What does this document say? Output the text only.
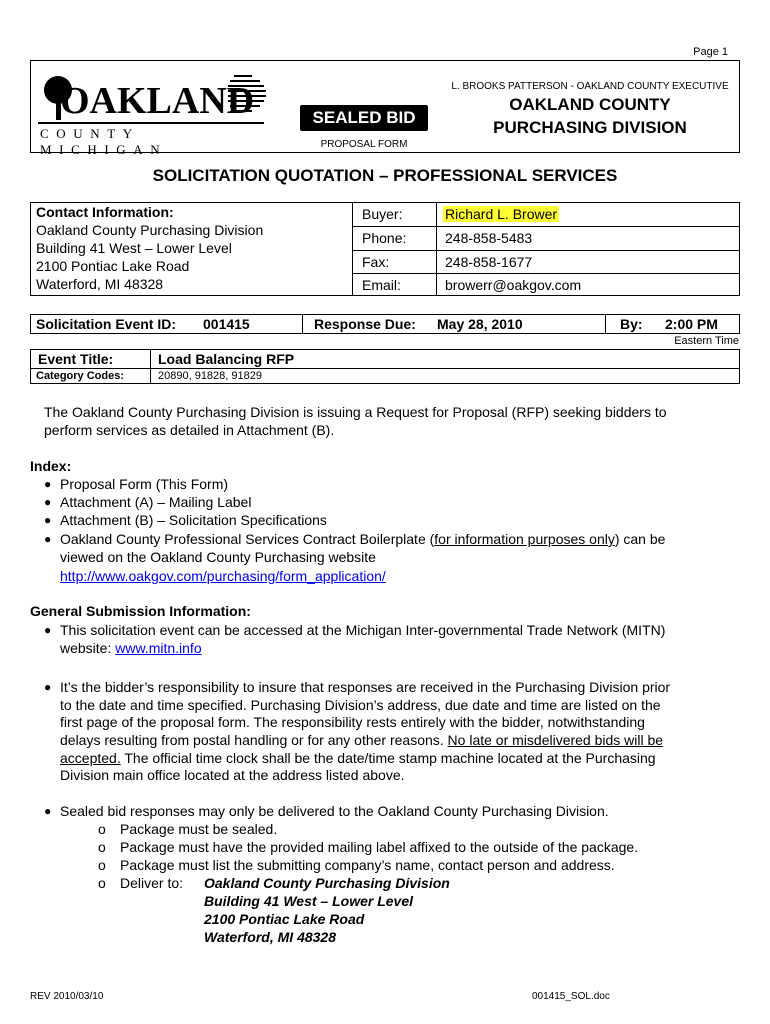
Page 1
OAKLAND
COUNTY MICHIGAN
SEALED BID
PROPOSAL FORM
L. BROOKS PATTERSON - OAKLAND COUNTY EXECUTIVE
OAKLAND COUNTY
PURCHASING DIVISION
SOLICITATION QUOTATION – PROFESSIONAL SERVICES
Contact Information:
Oakland County Purchasing Division
Building 41 West – Lower Level
2100 Pontiac Lake Road
Waterford, MI 48328
Buyer:	Richard L. Brower
Phone:	248-858-5483
Fax:	248-858-1677
Email:	browerr@oakgov.com
Solicitation Event ID: 001415	Response Due: May 28, 2010	By: 2:00 PM
Eastern Time
Event Title:	Load Balancing RFP
Category Codes:	20890, 91828, 91829
The Oakland County Purchasing Division is issuing a Request for Proposal (RFP) seeking bidders to
perform services as detailed in Attachment (B).
Index:
● Proposal Form (This Form)
● Attachment (A) – Mailing Label
● Attachment (B) – Solicitation Specifications
● Oakland County Professional Services Contract Boilerplate (for information purposes only) can be
viewed on the Oakland County Purchasing website
http://www.oakgov.com/purchasing/form_application/
General Submission Information:
● This solicitation event can be accessed at the Michigan Inter-governmental Trade Network (MITN)
website: www.mitn.info
● It’s the bidder’s responsibility to insure that responses are received in the Purchasing Division prior
to the date and time specified. Purchasing Division’s address, due date and time are listed on the
first page of the proposal form. The responsibility rests entirely with the bidder, notwithstanding
delays resulting from postal handling or for any other reasons. No late or misdelivered bids will be
accepted. The official time clock shall be the date/time stamp machine located at the Purchasing
Division main office located at the address listed above.
● Sealed bid responses may only be delivered to the Oakland County Purchasing Division.
o Package must be sealed.
o Package must have the provided mailing label affixed to the outside of the package.
o Package must list the submitting company’s name, contact person and address.
o Deliver to: Oakland County Purchasing Division
Building 41 West – Lower Level
2100 Pontiac Lake Road
Waterford, MI 48328
REV 2010/03/10	001415_SOL.doc
